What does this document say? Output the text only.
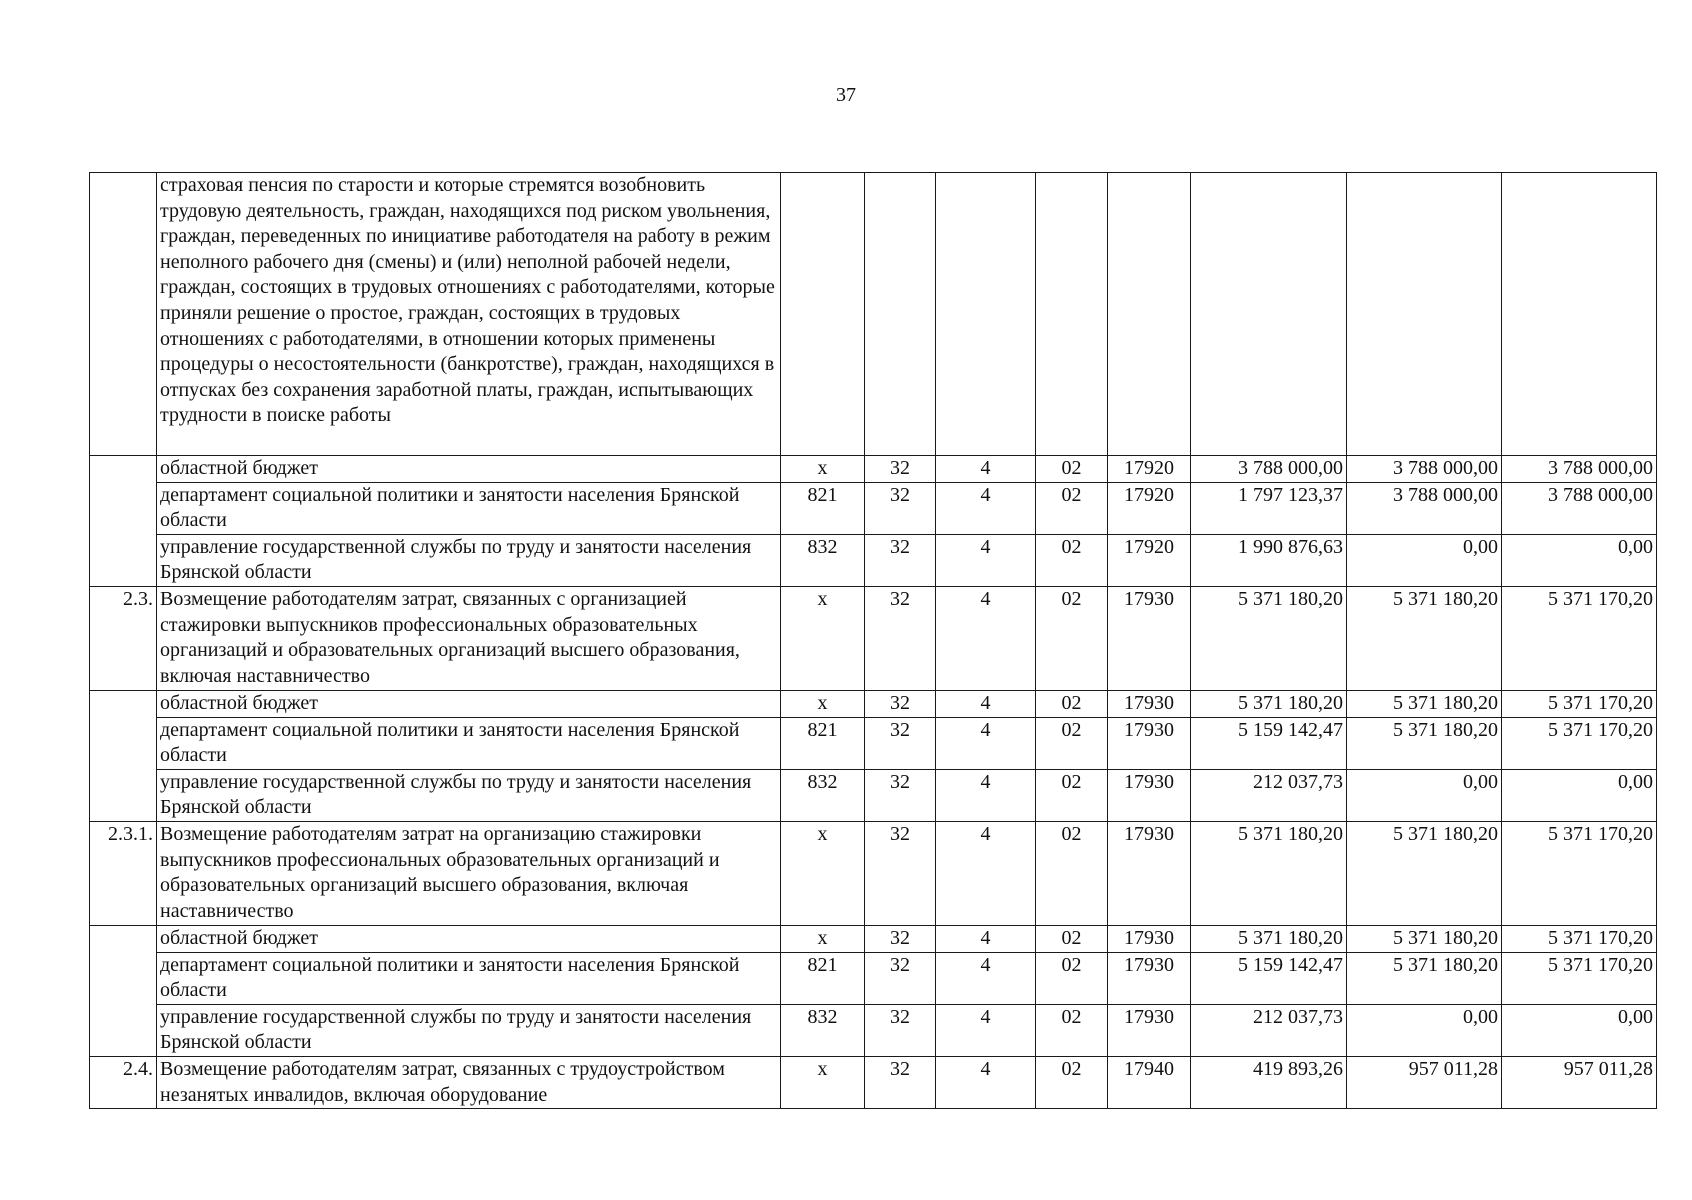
37
	страховая пенсия по старости и которые стремятся возобновить трудовую деятельность, граждан, находящихся под риском увольнения, граждан, переведенных по инициативе работодателя на работу в режим неполного рабочего дня (смены) и (или) неполной рабочей недели, граждан, состоящих в трудовых отношениях с работодателями, которые приняли решение о простое, граждан, состоящих в трудовых отношениях с работодателями, в отношении которых применены процедуры о несостоятельности (банкротстве), граждан, находящихся в отпусках без сохранения заработной платы, граждан, испытывающих трудности в поиске работы								
	областной бюджет	х	32	4	02	17920	3 788 000,00	3 788 000,00	3 788 000,00
	департамент социальной политики и занятости населения Брянской области	821	32	4	02	17920	1 797 123,37	3 788 000,00	3 788 000,00
	управление государственной службы по труду и занятости населения Брянской области	832	32	4	02	17920	1 990 876,63	0,00	0,00
2.3.	Возмещение работодателям затрат, связанных с организацией стажировки выпускников профессиональных образовательных организаций и образовательных организаций высшего образования, включая наставничество	х	32	4	02	17930	5 371 180,20	5 371 180,20	5 371 170,20
	областной бюджет	х	32	4	02	17930	5 371 180,20	5 371 180,20	5 371 170,20
	департамент социальной политики и занятости населения Брянской области	821	32	4	02	17930	5 159 142,47	5 371 180,20	5 371 170,20
	управление государственной службы по труду и занятости населения Брянской области	832	32	4	02	17930	212 037,73	0,00	0,00
2.3.1.	Возмещение работодателям затрат на организацию стажировки выпускников профессиональных образовательных организаций и образовательных организаций высшего образования, включая наставничество	х	32	4	02	17930	5 371 180,20	5 371 180,20	5 371 170,20
	областной бюджет	х	32	4	02	17930	5 371 180,20	5 371 180,20	5 371 170,20
	департамент социальной политики и занятости населения Брянской области	821	32	4	02	17930	5 159 142,47	5 371 180,20	5 371 170,20
	управление государственной службы по труду и занятости населения Брянской области	832	32	4	02	17930	212 037,73	0,00	0,00
2.4.	Возмещение работодателям затрат, связанных с трудоустройством незанятых инвалидов, включая оборудование	х	32	4	02	17940	419 893,26	957 011,28	957 011,28
